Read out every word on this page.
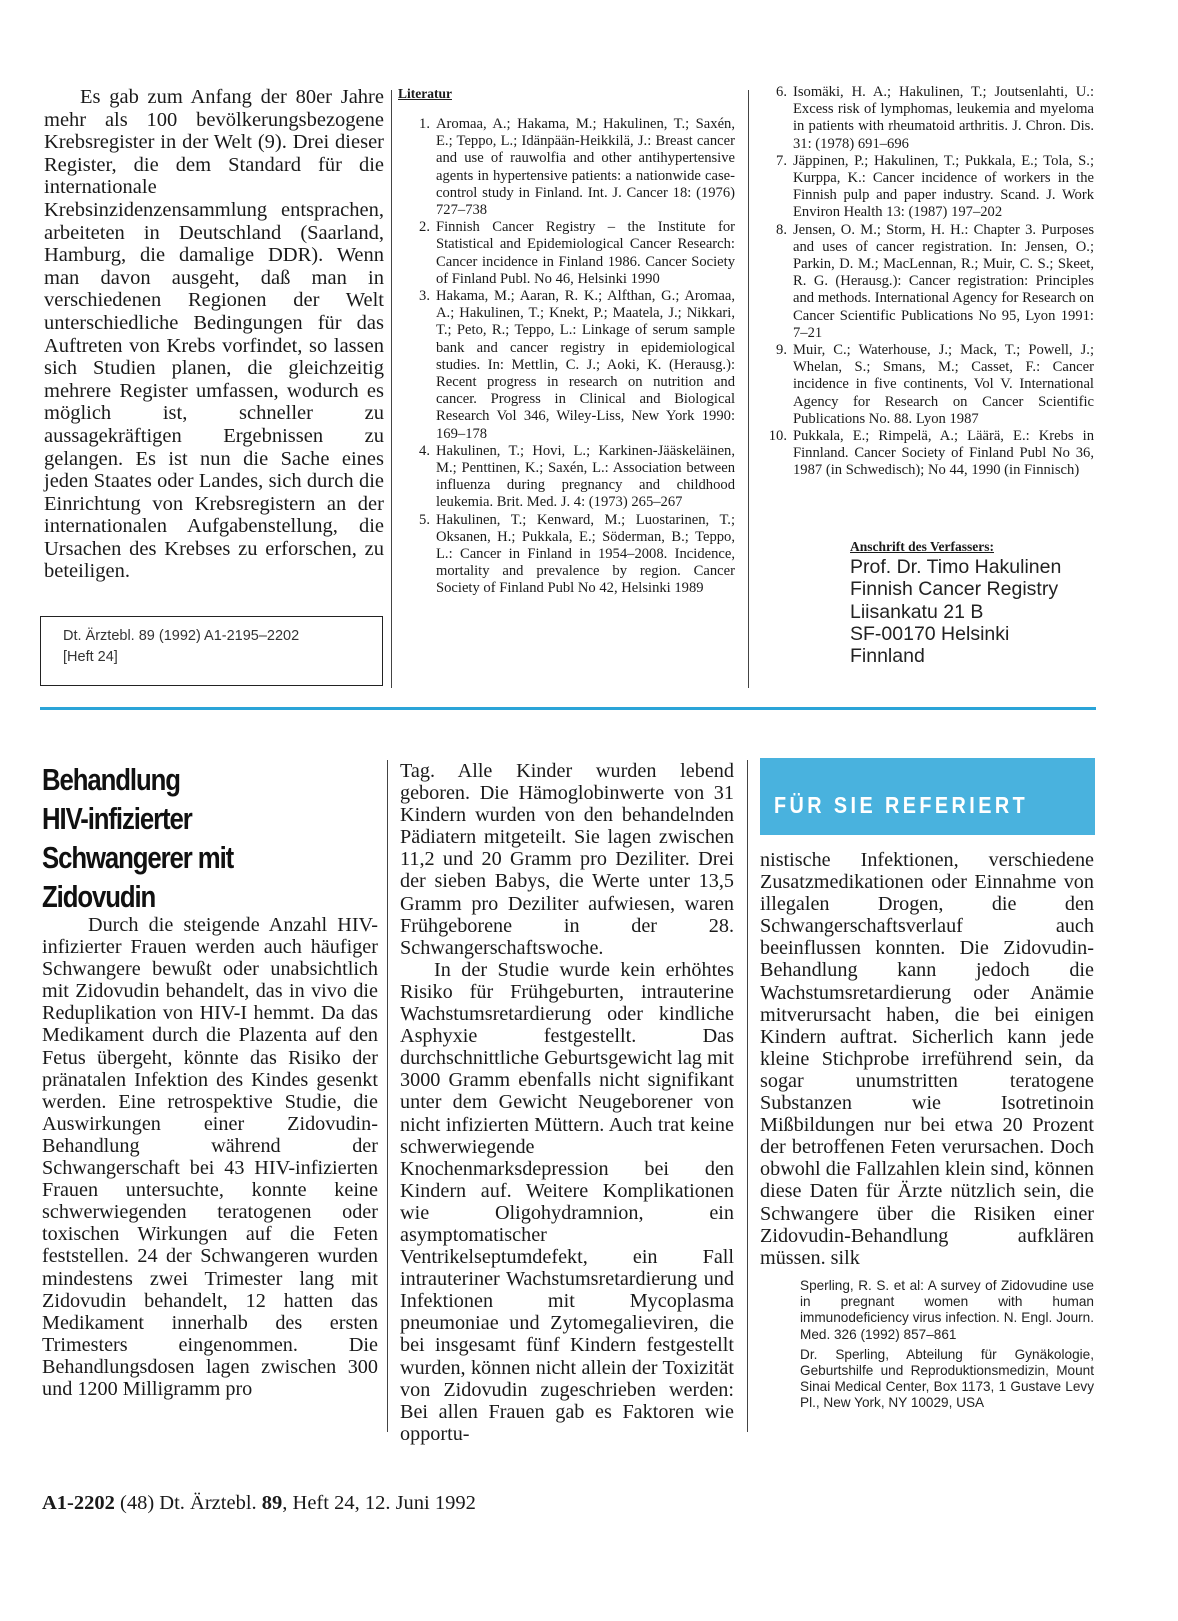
Es gab zum Anfang der 80er Jahre mehr als 100 bevölkerungsbezogene Krebsregister in der Welt (9). Drei dieser Register, die dem Standard für die internationale Krebsinzidenzensammlung entsprachen, arbeiteten in Deutschland (Saarland, Hamburg, die damalige DDR). Wenn man davon ausgeht, daß man in verschiedenen Regionen der Welt unterschiedliche Bedingungen für das Auftreten von Krebs vorfindet, so lassen sich Studien planen, die gleichzeitig mehrere Register umfassen, wodurch es möglich ist, schneller zu aussagekräftigen Ergebnissen zu gelangen. Es ist nun die Sache eines jeden Staates oder Landes, sich durch die Einrichtung von Krebsregistern an der internationalen Aufgabenstellung, die Ursachen des Krebses zu erforschen, zu beteiligen.
Dt. Ärztebl. 89 (1992) A1-2195–2202
[Heft 24]
Literatur
1. Aromaa, A.; Hakama, M.; Hakulinen, T.; Saxén, E.; Teppo, L.; Idänpään-Heikkilä, J.: Breast cancer and use of rauwolfia and other antihypertensive agents in hypertensive patients: a nationwide case-control study in Finland. Int. J. Cancer 18: (1976) 727–738
2. Finnish Cancer Registry – the Institute for Statistical and Epidemiological Cancer Research: Cancer incidence in Finland 1986. Cancer Society of Finland Publ. No 46, Helsinki 1990
3. Hakama, M.; Aaran, R. K.; Alfthan, G.; Aromaa, A.; Hakulinen, T.; Knekt, P.; Maatela, J.; Nikkari, T.; Peto, R.; Teppo, L.: Linkage of serum sample bank and cancer registry in epidemiological studies. In: Mettlin, C. J.; Aoki, K. (Herausg.): Recent progress in research on nutrition and cancer. Progress in Clinical and Biological Research Vol 346, Wiley-Liss, New York 1990: 169–178
4. Hakulinen, T.; Hovi, L.; Karkinen-Jääskeläinen, M.; Penttinen, K.; Saxén, L.: Association between influenza during pregnancy and childhood leukemia. Brit. Med. J. 4: (1973) 265–267
5. Hakulinen, T.; Kenward, M.; Luostarinen, T.; Oksanen, H.; Pukkala, E.; Söderman, B.; Teppo, L.: Cancer in Finland in 1954–2008. Incidence, mortality and prevalence by region. Cancer Society of Finland Publ No 42, Helsinki 1989
6. Isomäki, H. A.; Hakulinen, T.; Joutsenlahti, U.: Excess risk of lymphomas, leukemia and myeloma in patients with rheumatoid arthritis. J. Chron. Dis. 31: (1978) 691–696
7. Jäppinen, P.; Hakulinen, T.; Pukkala, E.; Tola, S.; Kurppa, K.: Cancer incidence of workers in the Finnish pulp and paper industry. Scand. J. Work Environ Health 13: (1987) 197–202
8. Jensen, O. M.; Storm, H. H.: Chapter 3. Purposes and uses of cancer registration. In: Jensen, O.; Parkin, D. M.; MacLennan, R.; Muir, C. S.; Skeet, R. G. (Herausg.): Cancer registration: Principles and methods. International Agency for Research on Cancer Scientific Publications No 95, Lyon 1991: 7–21
9. Muir, C.; Waterhouse, J.; Mack, T.; Powell, J.; Whelan, S.; Smans, M.; Casset, F.: Cancer incidence in five continents, Vol V. International Agency for Research on Cancer Scientific Publications No. 88. Lyon 1987
10. Pukkala, E.; Rimpelä, A.; Läärä, E.: Krebs in Finnland. Cancer Society of Finland Publ No 36, 1987 (in Schwedisch); No 44, 1990 (in Finnisch)
Anschrift des Verfassers:
Prof. Dr. Timo Hakulinen
Finnish Cancer Registry
Liisankatu 21 B
SF-00170 Helsinki
Finnland
Behandlung
HIV-infizierter
Schwangerer mit
Zidovudin
Durch die steigende Anzahl HIV-infizierter Frauen werden auch häufiger Schwangere bewußt oder unabsichtlich mit Zidovudin behandelt, das in vivo die Reduplikation von HIV-I hemmt. Da das Medikament durch die Plazenta auf den Fetus übergeht, könnte das Risiko der pränatalen Infektion des Kindes gesenkt werden. Eine retrospektive Studie, die Auswirkungen einer Zidovudin-Behandlung während der Schwangerschaft bei 43 HIV-infizierten Frauen untersuchte, konnte keine schwerwiegenden teratogenen oder toxischen Wirkungen auf die Feten feststellen. 24 der Schwangeren wurden mindestens zwei Trimester lang mit Zidovudin behandelt, 12 hatten das Medikament innerhalb des ersten Trimesters eingenommen. Die Behandlungsdosen lagen zwischen 300 und 1200 Milligramm pro

Tag. Alle Kinder wurden lebend geboren. Die Hämoglobinwerte von 31 Kindern wurden von den behandelnden Pädiatern mitgeteilt. Sie lagen zwischen 11,2 und 20 Gramm pro Deziliter. Drei der sieben Babys, die Werte unter 13,5 Gramm pro Deziliter aufwiesen, waren Frühgeborene in der 28. Schwangerschaftswoche.

In der Studie wurde kein erhöhtes Risiko für Frühgeburten, intrauterine Wachstumsretardierung oder kindliche Asphyxie festgestellt. Das durchschnittliche Geburtsgewicht lag mit 3000 Gramm ebenfalls nicht signifikant unter dem Gewicht Neugeborener von nicht infizierten Müttern. Auch trat keine schwerwiegende Knochenmarksdepression bei den Kindern auf. Weitere Komplikationen wie Oligohydramnion, ein asymptomatischer Ventrikelseptumdefekt, ein Fall intrauteriner Wachstumsretardierung und Infektionen mit Mycoplasma pneumoniae und Zytomegalieviren, die bei insgesamt fünf Kindern festgestellt wurden, können nicht allein der Toxizität von Zidovudin zugeschrieben werden: Bei allen Frauen gab es Faktoren wie opportu-

FÜR SIE REFERIERT
nistische Infektionen, verschiedene Zusatzmedikationen oder Einnahme von illegalen Drogen, die den Schwangerschaftsverlauf auch beeinflussen konnten. Die Zidovudin-Behandlung kann jedoch die Wachstumsretardierung oder Anämie mitverursacht haben, die bei einigen Kindern auftrat. Sicherlich kann jede kleine Stichprobe irreführend sein, da sogar unumstritten teratogene Substanzen wie Isotretinoin Mißbildungen nur bei etwa 20 Prozent der betroffenen Feten verursachen. Doch obwohl die Fallzahlen klein sind, können diese Daten für Ärzte nützlich sein, die Schwangere über die Risiken einer Zidovudin-Behandlung aufklären müssen. silk

Sperling, R. S. et al: A survey of Zidovudine use in pregnant women with human immunodeficiency virus infection. N. Engl. Journ. Med. 326 (1992) 857–861

Dr. Sperling, Abteilung für Gynäkologie, Geburtshilfe und Reproduktionsmedizin, Mount Sinai Medical Center, Box 1173, 1 Gustave Levy Pl., New York, NY 10029, USA

A1-2202 (48) Dt. Ärztebl. 89, Heft 24, 12. Juni 1992
